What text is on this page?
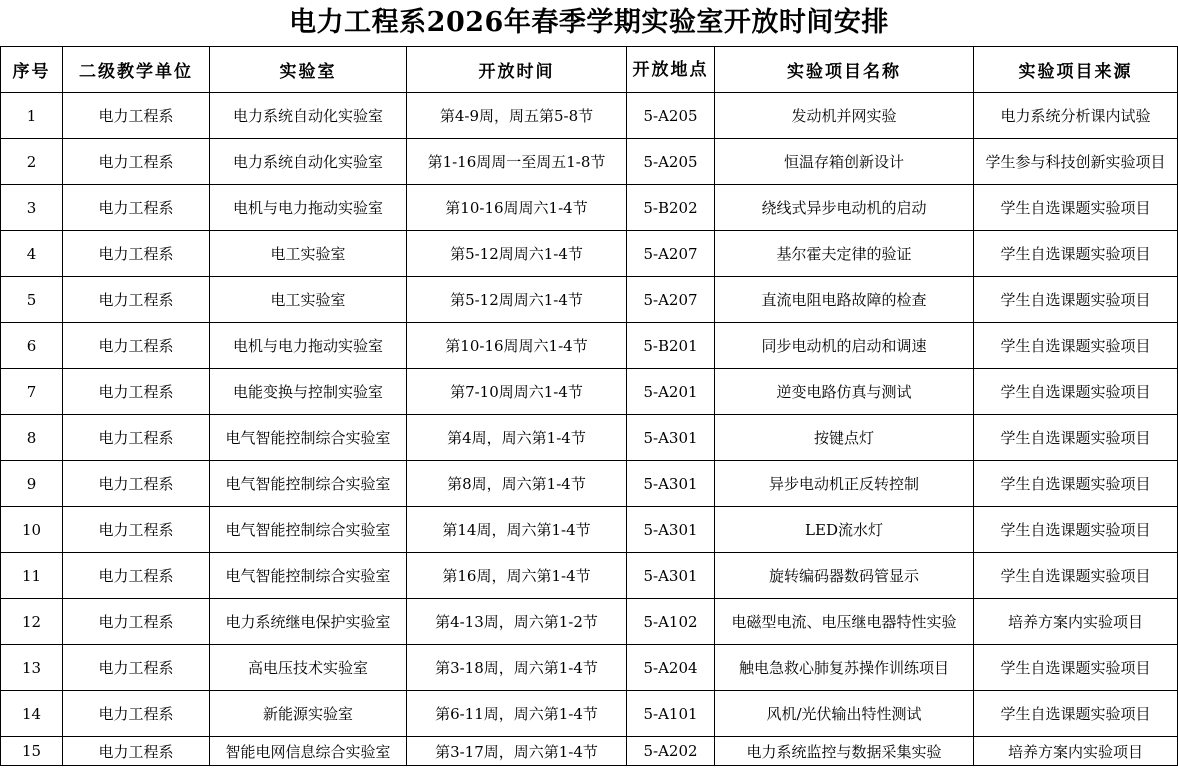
电力工程系2026年春季学期实验室开放时间安排
序号	二级教学单位	实验室	开放时间	开放地点	实验项目名称	实验项目来源
1	电力工程系	电力系统自动化实验室	第4-9周，周五第5-8节	5-A205	发动机并网实验	电力系统分析课内试验
2	电力工程系	电力系统自动化实验室	第1-16周周一至周五1-8节	5-A205	恒温存箱创新设计	学生参与科技创新实验项目
3	电力工程系	电机与电力拖动实验室	第10-16周周六1-4节	5-B202	绕线式异步电动机的启动	学生自选课题实验项目
4	电力工程系	电工实验室	第5-12周周六1-4节	5-A207	基尔霍夫定律的验证	学生自选课题实验项目
5	电力工程系	电工实验室	第5-12周周六1-4节	5-A207	直流电阻电路故障的检查	学生自选课题实验项目
6	电力工程系	电机与电力拖动实验室	第10-16周周六1-4节	5-B201	同步电动机的启动和调速	学生自选课题实验项目
7	电力工程系	电能变换与控制实验室	第7-10周周六1-4节	5-A201	逆变电路仿真与测试	学生自选课题实验项目
8	电力工程系	电气智能控制综合实验室	第4周，周六第1-4节	5-A301	按键点灯	学生自选课题实验项目
9	电力工程系	电气智能控制综合实验室	第8周，周六第1-4节	5-A301	异步电动机正反转控制	学生自选课题实验项目
10	电力工程系	电气智能控制综合实验室	第14周，周六第1-4节	5-A301	LED流水灯	学生自选课题实验项目
11	电力工程系	电气智能控制综合实验室	第16周，周六第1-4节	5-A301	旋转编码器数码管显示	学生自选课题实验项目
12	电力工程系	电力系统继电保护实验室	第4-13周，周六第1-2节	5-A102	电磁型电流、电压继电器特性实验	培养方案内实验项目
13	电力工程系	高电压技术实验室	第3-18周，周六第1-4节	5-A204	触电急救心肺复苏操作训练项目	学生自选课题实验项目
14	电力工程系	新能源实验室	第6-11周，周六第1-4节	5-A101	风机/光伏输出特性测试	学生自选课题实验项目
15	电力工程系	智能电网信息综合实验室	第3-17周，周六第1-4节	5-A202	电力系统监控与数据采集实验	培养方案内实验项目
